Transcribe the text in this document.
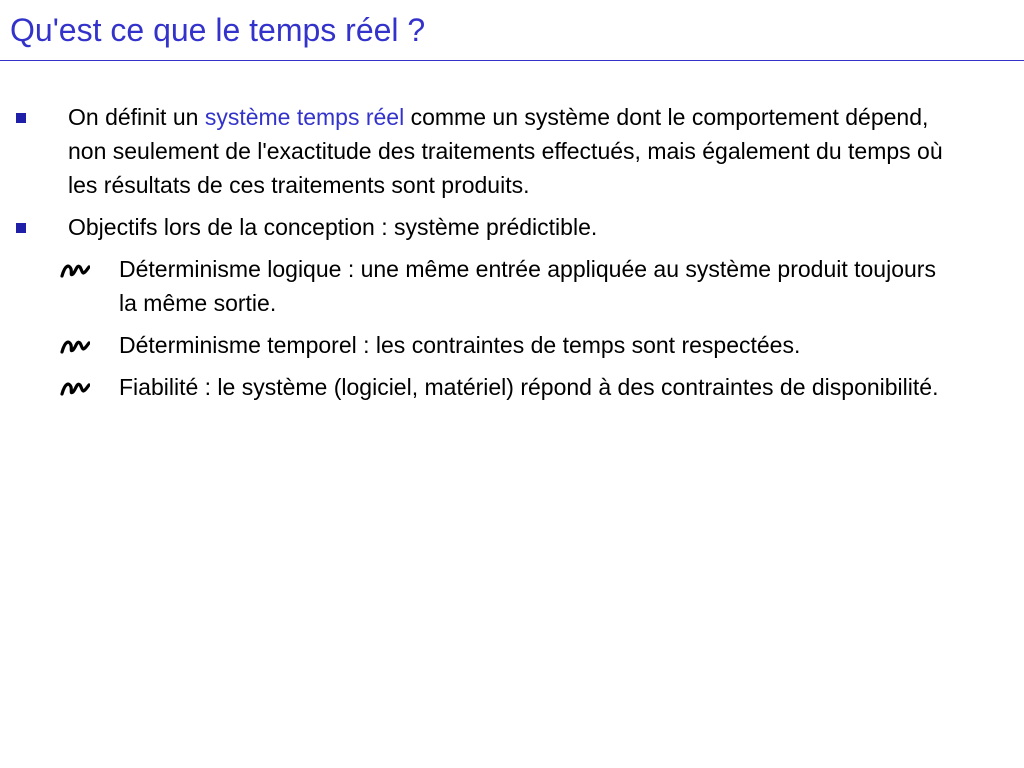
Qu'est ce que le temps réel ?
On définit un système temps réel comme un système dont le comportement dépend, non seulement de l'exactitude des traitements effectués, mais également du temps où les résultats de ces traitements sont produits.
Objectifs lors de la conception : système prédictible.
Déterminisme logique : une même entrée appliquée au système produit toujours la même sortie.
Déterminisme temporel : les contraintes de temps sont respectées.
Fiabilité : le système (logiciel, matériel) répond à des contraintes de disponibilité.
